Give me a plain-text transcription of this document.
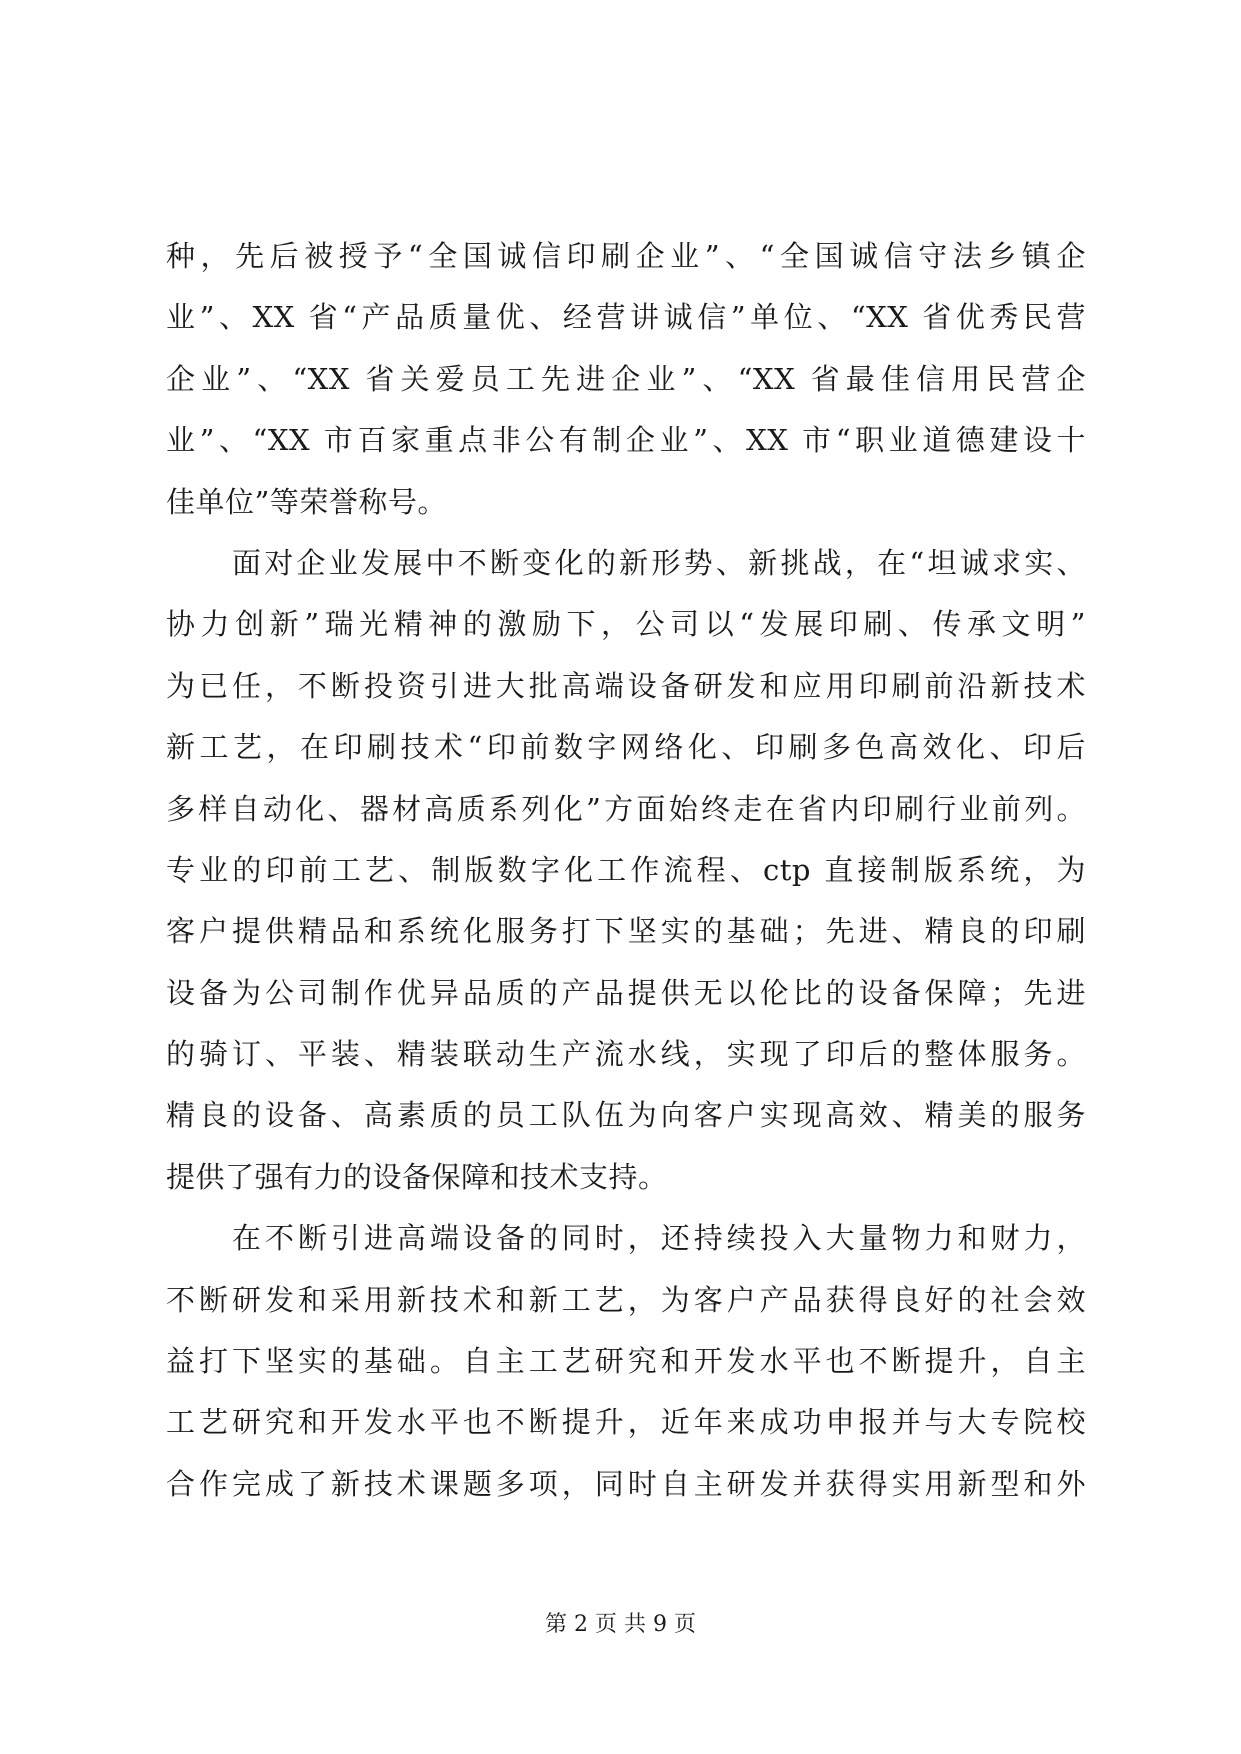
种，先后被授予“全国诚信印刷企业”、“全国诚信守法乡镇企
业”、XX 省“产品质量优、经营讲诚信”单位、“XX 省优秀民营
企业”、“XX 省关爱员工先进企业”、“XX 省最佳信用民营企
业”、“XX 市百家重点非公有制企业”、XX 市“职业道德建设十
佳单位”等荣誉称号。
面对企业发展中不断变化的新形势、新挑战，在“坦诚求实、
协力创新”瑞光精神的激励下，公司以“发展印刷、传承文明”
为已任，不断投资引进大批高端设备研发和应用印刷前沿新技术
新工艺，在印刷技术“印前数字网络化、印刷多色高效化、印后
多样自动化、器材高质系列化”方面始终走在省内印刷行业前列。
专业的印前工艺、制版数字化工作流程、ctp 直接制版系统，为
客户提供精品和系统化服务打下坚实的基础；先进、精良的印刷
设备为公司制作优异品质的产品提供无以伦比的设备保障；先进
的骑订、平装、精装联动生产流水线，实现了印后的整体服务。
精良的设备、高素质的员工队伍为向客户实现高效、精美的服务
提供了强有力的设备保障和技术支持。
在不断引进高端设备的同时，还持续投入大量物力和财力，
不断研发和采用新技术和新工艺，为客户产品获得良好的社会效
益打下坚实的基础。自主工艺研究和开发水平也不断提升，自主
工艺研究和开发水平也不断提升，近年来成功申报并与大专院校
合作完成了新技术课题多项，同时自主研发并获得实用新型和外
第 2 页 共 9 页
